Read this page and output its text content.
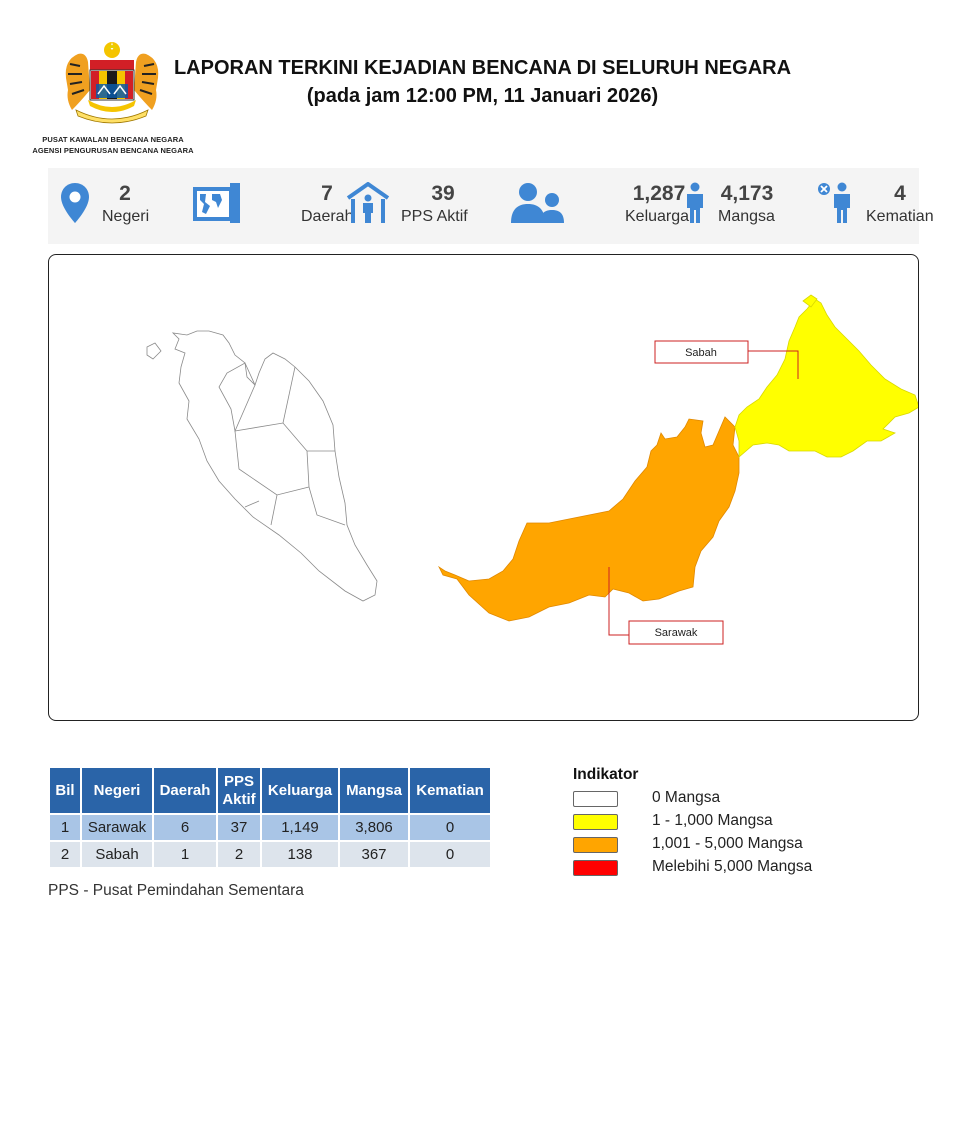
PUSAT KAWALAN BENCANA NEGARA
AGENSI PENGURUSAN BENCANA NEGARA
LAPORAN TERKINI KEJADIAN BENCANA DI SELURUH NEGARA
(pada jam 12:00 PM, 11 Januari 2026)
2
Negeri
7
Daerah
39
PPS Aktif
1,287
Keluarga
4,173
Mangsa
4
Kematian
Sabah
Sarawak
Bil	Negeri	Daerah	PPS Aktif	Keluarga	Mangsa	Kematian
1	Sarawak	6	37	1,149	3,806	0
2	Sabah	1	2	138	367	0
PPS - Pusat Pemindahan Sementara
Indikator
0 Mangsa
1 - 1,000 Mangsa
1,001 - 5,000 Mangsa
Melebihi 5,000 Mangsa
